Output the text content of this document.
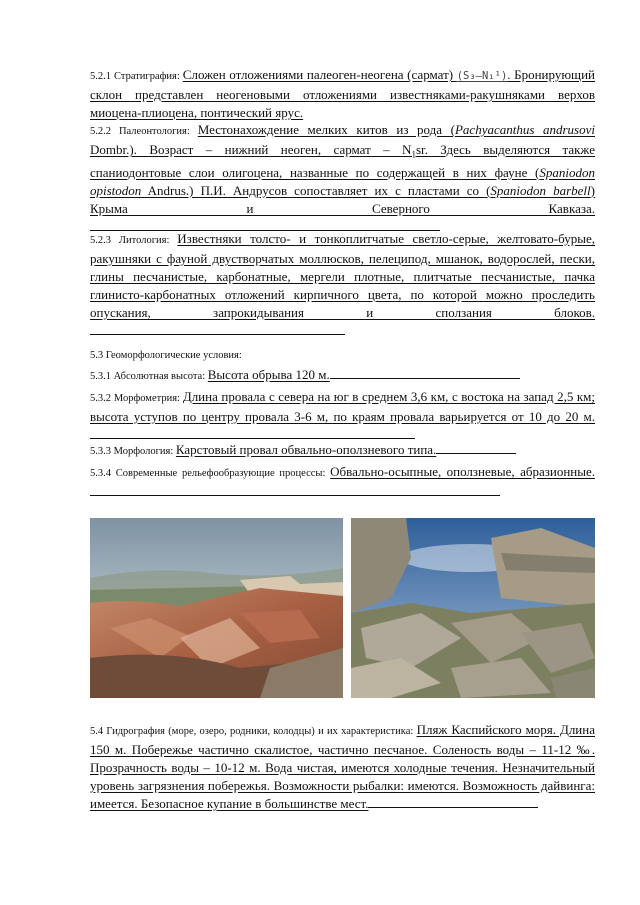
5.2.1 Стратиграфия: Сложен отложениями палеоген-неогена (сармат) (S₃–N₁¹). Бронирующий склон представлен неогеновыми отложениями известняками-ракушняками верхов миоцена-плиоцена, понтический ярус.
5.2.2 Палеонтология: Местонахождение мелких китов из рода (Pachyacanthus andrusovi Dombr.). Возраст – нижний неоген, сармат – $N_1sr$. Здесь выделяются также спаниодонтовые слои олигоцена, названные по содержащей в них фауне (Spaniodon opistodon Andrus.) П.И. Андрусов сопоставляет их с пластами со (Spaniodon barbell) Крыма и Северного Кавказа.
5.2.3 Литология: Известняки толсто- и тонкоплитчатые светло-серые, желтовато-бурые, ракушняки с фауной двустворчатых моллюсков, пелеципод, мшанок, водорослей, пески, глины песчанистые, карбонатные, мергели плотные, плитчатые песчанистые, пачка глинисто-карбонатных отложений кирпичного цвета, по которой можно проследить опускания, запрокидывания и сползания блоков.
5.3 Геоморфологические условия:
5.3.1 Абсолютная высота: Высота обрыва 120 м.
5.3.2 Морфометрия: Длина провала с севера на юг в среднем 3,6 км, с востока на запад 2,5 км; высота уступов по центру провала 3-6 м, по краям провала варьируется от 10 до 20 м.
5.3.3 Морфология: Карстовый провал обвально-оползневого типа.
5.3.4 Современные рельефообразующие процессы: Обвально-осыпные, оползневые, абразионные.
5.4 Гидрография (море, озеро, родники, колодцы) и их характеристика: Пляж Каспийского моря. Длина 150 м. Побережье частично скалистое, частично песчаное. Соленость воды – 11-12 ‰. Прозрачность воды – 10-12 м. Вода чистая, имеются холодные течения. Незначительный уровень загрязнения побережья. Возможности рыбалки: имеются. Возможность дайвинга: имеется. Безопасное купание в большинстве мест.
